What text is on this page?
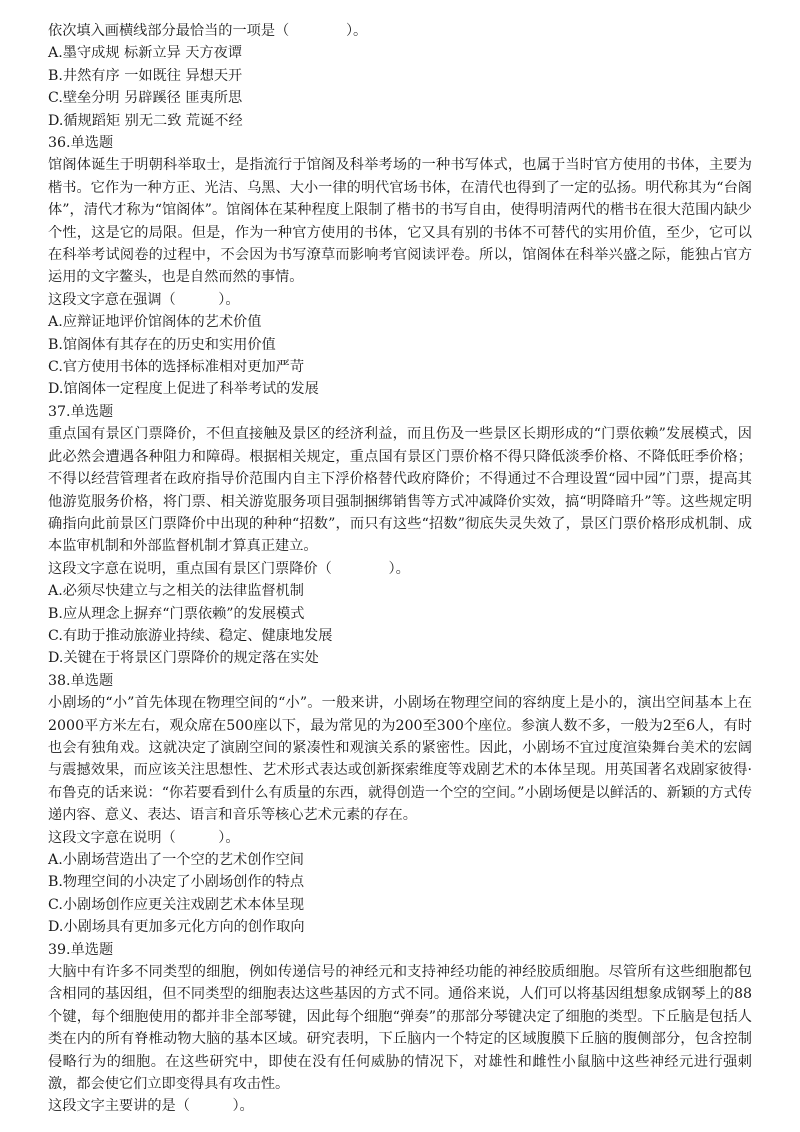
依次填入画横线部分最恰当的一项是（　　　　）。
A.墨守成规 标新立异 天方夜谭
B.井然有序 一如既往 异想天开
C.壁垒分明 另辟蹊径 匪夷所思
D.循规蹈矩 别无二致 荒诞不经
36.单选题
馆阁体诞生于明朝科举取士，是指流行于馆阁及科举考场的一种书写体式，也属于当时官方使用的书体，主要为楷书。它作为一种方正、光洁、乌黑、大小一律的明代官场书体，在清代也得到了一定的弘扬。明代称其为“台阁体”，清代才称为“馆阁体”。馆阁体在某种程度上限制了楷书的书写自由，使得明清两代的楷书在很大范围内缺少个性，这是它的局限。但是，作为一种官方使用的书体，它又具有别的书体不可替代的实用价值，至少，它可以在科举考试阅卷的过程中，不会因为书写潦草而影响考官阅读评卷。所以，馆阁体在科举兴盛之际，能独占官方运用的文字鳌头，也是自然而然的事情。
这段文字意在强调（　　　）。
A.应辩证地评价馆阁体的艺术价值
B.馆阁体有其存在的历史和实用价值
C.官方使用书体的选择标准相对更加严苛
D.馆阁体一定程度上促进了科举考试的发展
37.单选题
重点国有景区门票降价，不但直接触及景区的经济利益，而且伤及一些景区长期形成的“门票依赖”发展模式，因此必然会遭遇各种阻力和障碍。根据相关规定，重点国有景区门票价格不得只降低淡季价格、不降低旺季价格；不得以经营管理者在政府指导价范围内自主下浮价格替代政府降价；不得通过不合理设置“园中园”门票，提高其他游览服务价格，将门票、相关游览服务项目强制捆绑销售等方式冲减降价实效，搞“明降暗升”等。这些规定明确指向此前景区门票降价中出现的种种“招数”，而只有这些“招数”彻底失灵失效了，景区门票价格形成机制、成本监审机制和外部监督机制才算真正建立。
这段文字意在说明，重点国有景区门票降价（　　　　）。
A.必须尽快建立与之相关的法律监督机制
B.应从理念上摒弃“门票依赖”的发展模式
C.有助于推动旅游业持续、稳定、健康地发展
D.关键在于将景区门票降价的规定落在实处
38.单选题
小剧场的“小”首先体现在物理空间的“小”。一般来讲，小剧场在物理空间的容纳度上是小的，演出空间基本上在2000平方米左右，观众席在500座以下，最为常见的为200至300个座位。参演人数不多，一般为2至6人，有时也会有独角戏。这就决定了演剧空间的紧凑性和观演关系的紧密性。因此，小剧场不宜过度渲染舞台美术的宏阔与震撼效果，而应该关注思想性、艺术形式表达或创新探索维度等戏剧艺术的本体呈现。用英国著名戏剧家彼得·布鲁克的话来说：“你若要看到什么有质量的东西，就得创造一个空的空间。”小剧场便是以鲜活的、新颖的方式传递内容、意义、表达、语言和音乐等核心艺术元素的存在。
这段文字意在说明（　　　）。
A.小剧场营造出了一个空的艺术创作空间
B.物理空间的小决定了小剧场创作的特点
C.小剧场创作应更关注戏剧艺术本体呈现
D.小剧场具有更加多元化方向的创作取向
39.单选题
大脑中有许多不同类型的细胞，例如传递信号的神经元和支持神经功能的神经胶质细胞。尽管所有这些细胞都包含相同的基因组，但不同类型的细胞表达这些基因的方式不同。通俗来说，人们可以将基因组想象成钢琴上的88个键，每个细胞使用的都并非全部琴键，因此每个细胞“弹奏”的那部分琴键决定了细胞的类型。下丘脑是包括人类在内的所有脊椎动物大脑的基本区域。研究表明，下丘脑内一个特定的区域腹膜下丘脑的腹侧部分，包含控制侵略行为的细胞。在这些研究中，即使在没有任何威胁的情况下，对雄性和雌性小鼠脑中这些神经元进行强刺激，都会使它们立即变得具有攻击性。
这段文字主要讲的是（　　　）。
